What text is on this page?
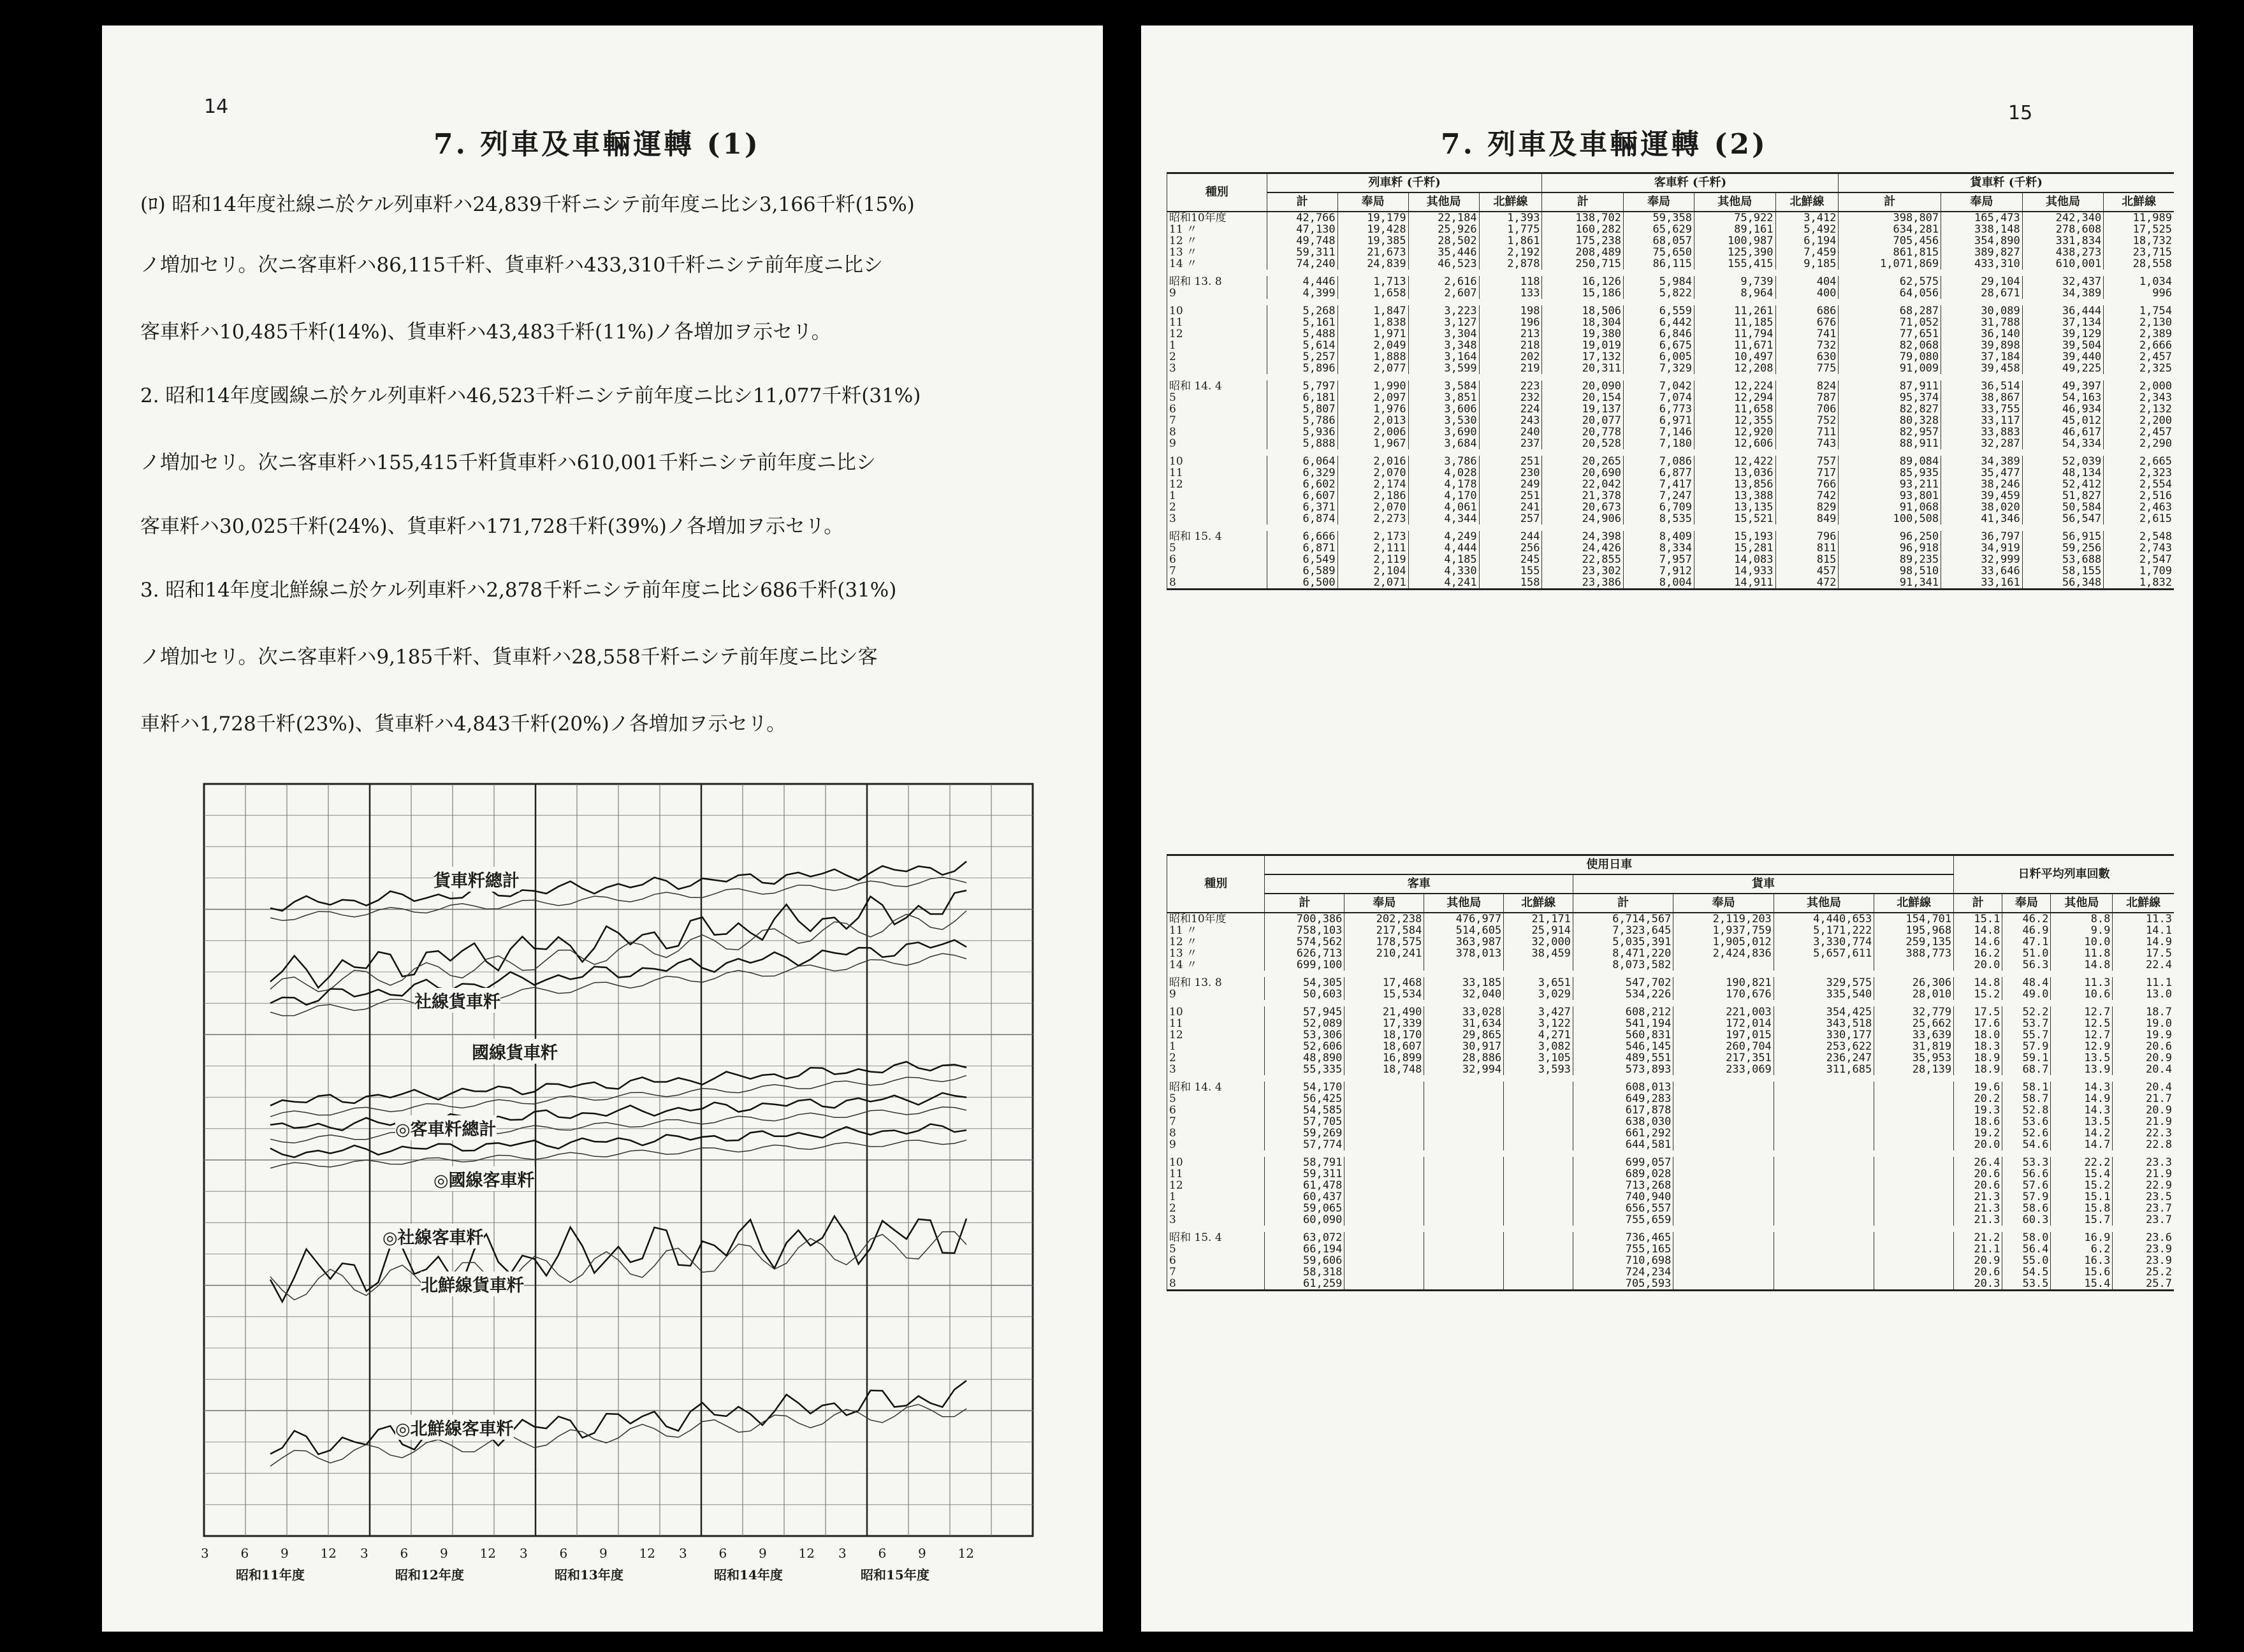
14
7. 列車及車輛運轉 (1)
(ﾛ) 昭和14年度社線ニ於ケル列車粁ハ24,839千粁ニシテ前年度ニ比シ3,166千粁(15%)
ノ増加セリ。次ニ客車粁ハ86,115千粁、貨車粁ハ433,310千粁ニシテ前年度ニ比シ
客車粁ハ10,485千粁(14%)、貨車粁ハ43,483千粁(11%)ノ各増加ヲ示セリ。
2. 昭和14年度國線ニ於ケル列車粁ハ46,523千粁ニシテ前年度ニ比シ11,077千粁(31%)
ノ増加セリ。次ニ客車粁ハ155,415千粁貨車粁ハ610,001千粁ニシテ前年度ニ比シ
客車粁ハ30,025千粁(24%)、貨車粁ハ171,728千粁(39%)ノ各増加ヲ示セリ。
3. 昭和14年度北鮮線ニ於ケル列車粁ハ2,878千粁ニシテ前年度ニ比シ686千粁(31%)
ノ増加セリ。次ニ客車粁ハ9,185千粁、貨車粁ハ28,558千粁ニシテ前年度ニ比シ客
車粁ハ1,728千粁(23%)、貨車粁ハ4,843千粁(20%)ノ各増加ヲ示セリ。
貨車粁總計
社線貨車粁
國線貨車粁
◎客車粁總計
◎國線客車粁
◎社線客車粁
北鮮線貨車粁
◎北鮮線客車粁
3 6 9 12 3 6 9 12 3 6 9 12 3 6 9 12 3 6 9 12
昭和11年度	昭和12年度	昭和13年度	昭和14年度	昭和15年度
7. 列車及車輛運轉 (2)
15
種別	列車粁 (千粁)				客車粁 (千粁)				貨車粁 (千粁)			
	計	奉局	其他局	北鮮線	計	奉局	其他局	北鮮線	計	奉局	其他局	北鮮線
昭和10年度	42,766	19,179	22,184	1,393	138,702	59,358	75,922	3,412	398,807	165,473	242,340	11,989
11 〃	47,130	19,428	25,926	1,775	160,282	65,629	89,161	5,492	634,281	338,148	278,608	17,525
12 〃	49,748	19,385	28,502	1,861	175,238	68,057	100,987	6,194	705,456	354,890	331,834	18,732
13 〃	59,311	21,673	35,446	2,192	208,489	75,650	125,390	7,459	861,815	389,827	438,273	23,715
14 〃	74,240	24,839	46,523	2,878	250,715	86,115	155,415	9,185	1,071,869	433,310	610,001	28,558

昭和 13. 8	4,446	1,713	2,616	118	16,126	5,984	9,739	404	62,575	29,104	32,437	1,034
9	4,399	1,658	2,607	133	15,186	5,822	8,964	400	64,056	28,671	34,389	996

10	5,268	1,847	3,223	198	18,506	6,559	11,261	686	68,287	30,089	36,444	1,754
11	5,161	1,838	3,127	196	18,304	6,442	11,185	676	71,052	31,788	37,134	2,130
12	5,488	1,971	3,304	213	19,380	6,846	11,794	741	77,651	36,140	39,129	2,389
1	5,614	2,049	3,348	218	19,019	6,675	11,671	732	82,068	39,898	39,504	2,666
2	5,257	1,888	3,164	202	17,132	6,005	10,497	630	79,080	37,184	39,440	2,457
3	5,896	2,077	3,599	219	20,311	7,329	12,208	775	91,009	39,458	49,225	2,325

昭和 14. 4	5,797	1,990	3,584	223	20,090	7,042	12,224	824	87,911	36,514	49,397	2,000
5	6,181	2,097	3,851	232	20,154	7,074	12,294	787	95,374	38,867	54,163	2,343
6	5,807	1,976	3,606	224	19,137	6,773	11,658	706	82,827	33,755	46,934	2,132
7	5,786	2,013	3,530	243	20,077	6,971	12,355	752	80,328	33,117	45,012	2,200
8	5,936	2,006	3,690	240	20,778	7,146	12,920	711	82,957	33,883	46,617	2,457
9	5,888	1,967	3,684	237	20,528	7,180	12,606	743	88,911	32,287	54,334	2,290

10	6,064	2,016	3,786	251	20,265	7,086	12,422	757	89,084	34,389	52,039	2,665
11	6,329	2,070	4,028	230	20,690	6,877	13,036	717	85,935	35,477	48,134	2,323
12	6,602	2,174	4,178	249	22,042	7,417	13,856	766	93,211	38,246	52,412	2,554
1	6,607	2,186	4,170	251	21,378	7,247	13,388	742	93,801	39,459	51,827	2,516
2	6,371	2,070	4,061	241	20,673	6,709	13,135	829	91,068	38,020	50,584	2,463
3	6,874	2,273	4,344	257	24,906	8,535	15,521	849	100,508	41,346	56,547	2,615

昭和 15. 4	6,666	2,173	4,249	244	24,398	8,409	15,193	796	96,250	36,797	56,915	2,548
5	6,871	2,111	4,444	256	24,426	8,334	15,281	811	96,918	34,919	59,256	2,743
6	6,549	2,119	4,185	245	22,855	7,957	14,083	815	89,235	32,999	53,688	2,547
7	6,589	2,104	4,330	155	23,302	7,912	14,933	457	98,510	33,646	58,155	1,709
8	6,500	2,071	4,241	158	23,386	8,004	14,911	472	91,341	33,161	56,348	1,832
種別	使用日車								日粁平均列車回數			
	客車				貨車							
	計	奉局	其他局	北鮮線	計	奉局	其他局	北鮮線	計	奉局	其他局	北鮮線
昭和10年度	700,386	202,238	476,977	21,171	6,714,567	2,119,203	4,440,653	154,701	15.1	46.2	8.8	11.3
11 〃	758,103	217,584	514,605	25,914	7,323,645	1,937,759	5,171,222	195,968	14.8	46.9	9.9	14.1
12 〃	574,562	178,575	363,987	32,000	5,035,391	1,905,012	3,330,774	259,135	14.6	47.1	10.0	14.9
13 〃	626,713	210,241	378,013	38,459	8,471,220	2,424,836	5,657,611	388,773	16.2	51.0	11.8	17.5
14 〃	699,100				8,073,582				20.0	56.3	14.8	22.4

昭和 13. 8	54,305	17,468	33,185	3,651	547,702	190,821	329,575	26,306	14.8	48.4	11.3	11.1
9	50,603	15,534	32,040	3,029	534,226	170,676	335,540	28,010	15.2	49.0	10.6	13.0

10	57,945	21,490	33,028	3,427	608,212	221,003	354,425	32,779	17.5	52.2	12.7	18.7
11	52,089	17,339	31,634	3,122	541,194	172,014	343,518	25,662	17.6	53.7	12.5	19.0
12	53,306	18,170	29,865	4,271	560,831	197,015	330,177	33,639	18.0	55.7	12.7	19.9
1	52,606	18,607	30,917	3,082	546,145	260,704	253,622	31,819	18.3	57.9	12.9	20.6
2	48,890	16,899	28,886	3,105	489,551	217,351	236,247	35,953	18.9	59.1	13.5	20.9
3	55,335	18,748	32,994	3,593	573,893	233,069	311,685	28,139	18.9	68.7	13.9	20.4

昭和 14. 4	54,170				608,013				19.6	58.1	14.3	20.4
5	56,425				649,283				20.2	58.7	14.9	21.7
6	54,585				617,878				19.3	52.8	14.3	20.9
7	57,705				638,030				18.6	53.6	13.5	21.9
8	59,269				661,292				19.2	52.6	14.2	22.3
9	57,774				644,581				20.0	54.6	14.7	22.8

10	58,791				699,057				26.4	53.3	22.2	23.3
11	59,311				689,028				20.6	56.6	15.4	21.9
12	61,478				713,268				20.6	57.6	15.2	22.9
1	60,437				740,940				21.3	57.9	15.1	23.5
2	59,065				656,557				21.3	58.6	15.8	23.7
3	60,090				755,659				21.3	60.3	15.7	23.7

昭和 15. 4	63,072				736,465				21.2	58.0	16.9	23.6
5	66,194				755,165				21.1	56.4	6.2	23.9
6	59,606				710,698				20.9	55.0	16.3	23.9
7	58,318				724,234				20.6	54.5	15.6	25.2
8	61,259				705,593				20.3	53.5	15.4	25.7
